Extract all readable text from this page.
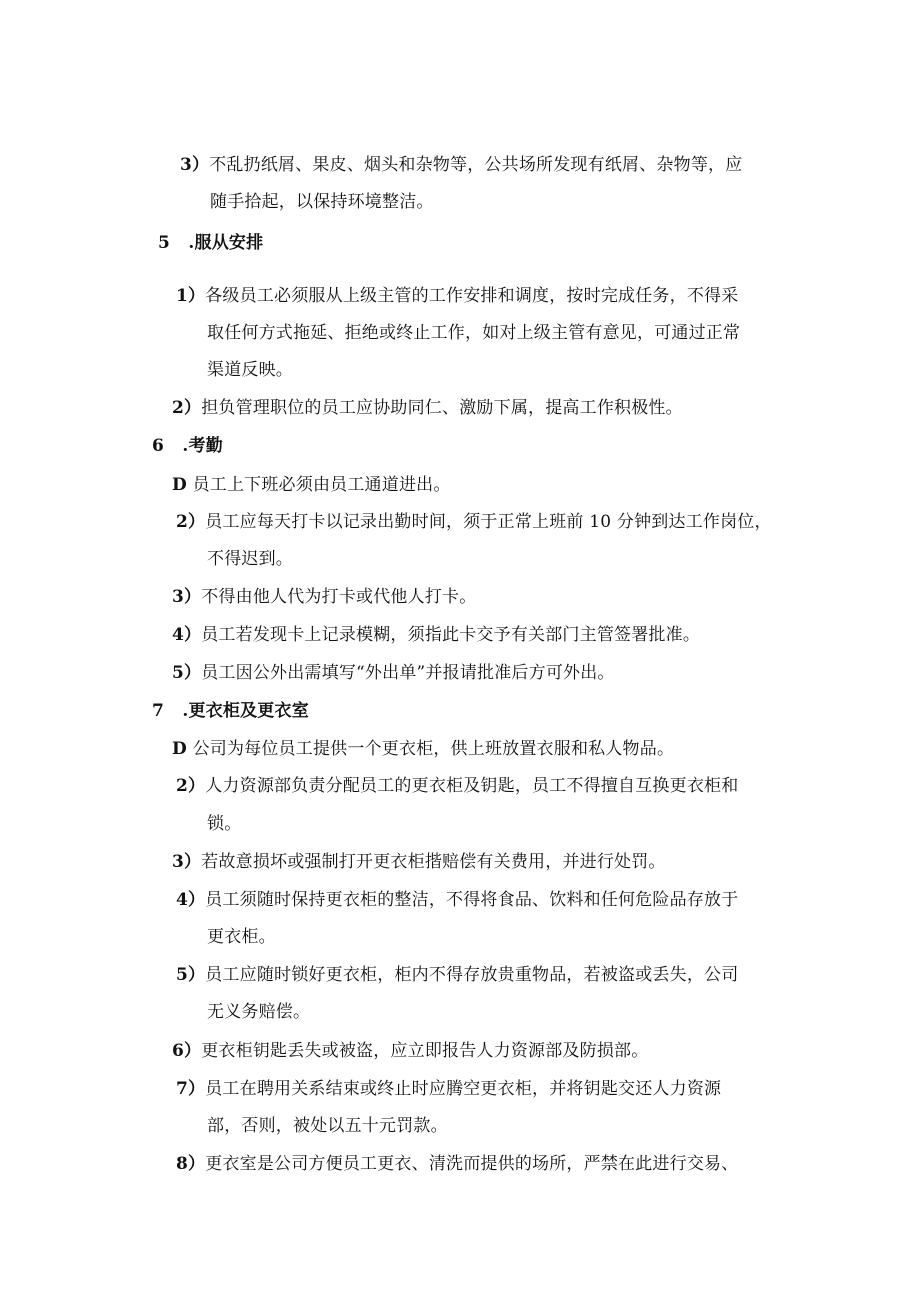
3）不乱扔纸屑、果皮、烟头和杂物等，公共场所发现有纸屑、杂物等，应
随手拾起，以保持环境整洁。
5 .服从安排
1）各级员工必须服从上级主管的工作安排和调度，按时完成任务，不得采
取任何方式拖延、拒绝或终止工作，如对上级主管有意见，可通过正常
渠道反映。
2）担负管理职位的员工应协助同仁、激励下属，提高工作积极性。
6 .考勤
D 员工上下班必须由员工通道进出。
2）员工应每天打卡以记录出勤时间，须于正常上班前 10 分钟到达工作岗位，
不得迟到。
3）不得由他人代为打卡或代他人打卡。
4）员工若发现卡上记录模糊，须指此卡交予有关部门主管签署批准。
5）员工因公外出需填写“外出单”并报请批准后方可外出。
7 .更衣柜及更衣室
D 公司为每位员工提供一个更衣柜，供上班放置衣服和私人物品。
2）人力资源部负责分配员工的更衣柜及钥匙，员工不得擅自互换更衣柜和
锁。
3）若故意损坏或强制打开更衣柜揩赔偿有关费用，并进行处罚。
4）员工须随时保持更衣柜的整洁，不得将食品、饮料和任何危险品存放于
更衣柜。
5）员工应随时锁好更衣柜，柜内不得存放贵重物品，若被盗或丢失，公司
无义务赔偿。
6）更衣柜钥匙丢失或被盗，应立即报告人力资源部及防损部。
7）员工在聘用关系结束或终止时应腾空更衣柜，并将钥匙交还人力资源
部，否则，被处以五十元罚款。
8）更衣室是公司方便员工更衣、清洗而提供的场所，严禁在此进行交易、
